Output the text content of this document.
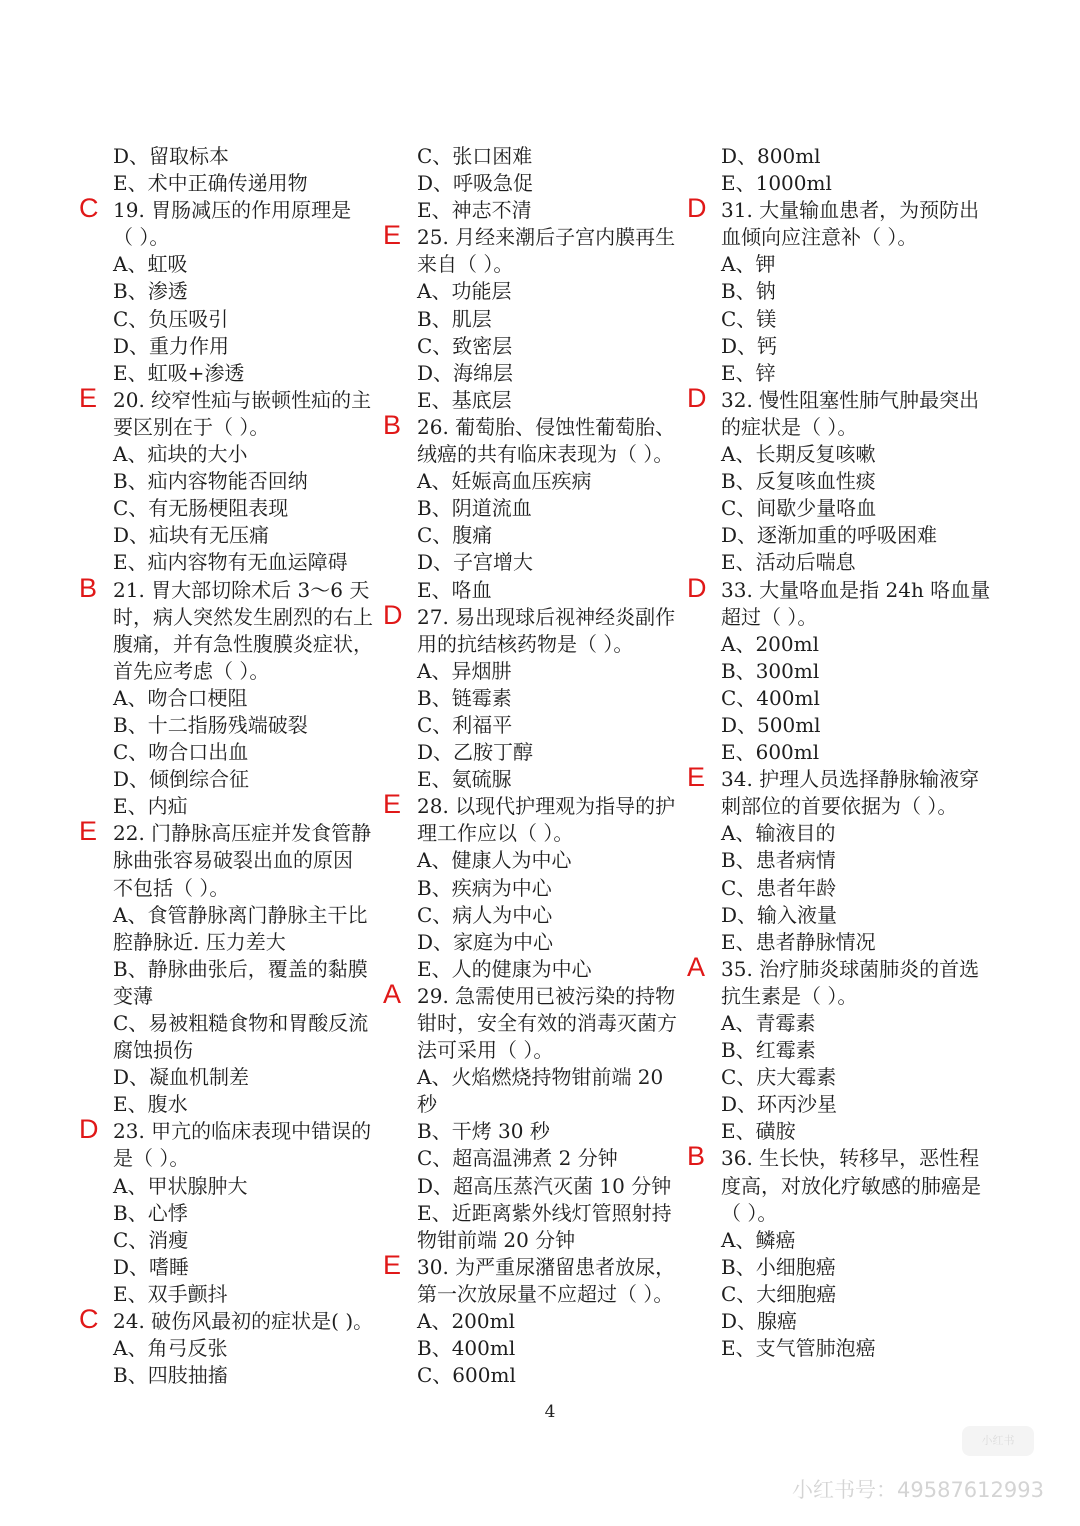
D、留取标本
E、术中正确传递用物
C 19. 胃肠减压的作用原理是
（ ）。
A、虹吸
B、渗透
C、负压吸引
D、重力作用
E、虹吸+渗透
E 20. 绞窄性疝与嵌顿性疝的主
要区别在于（ ）。
A、疝块的大小
B、疝内容物能否回纳
C、有无肠梗阻表现
D、疝块有无压痛
E、疝内容物有无血运障碍
B 21. 胃大部切除术后 3～6 天
时，病人突然发生剧烈的右上
腹痛，并有急性腹膜炎症状，
首先应考虑（ ）。
A、吻合口梗阻
B、十二指肠残端破裂
C、吻合口出血
D、倾倒综合征
E、内疝
E 22. 门静脉高压症并发食管静
脉曲张容易破裂出血的原因
不包括（ ）。
A、食管静脉离门静脉主干比
腔静脉近. 压力差大
B、静脉曲张后，覆盖的黏膜
变薄
C、易被粗糙食物和胃酸反流
腐蚀损伤
D、凝血机制差
E、腹水
D 23. 甲亢的临床表现中错误的
是（ ）。
A、甲状腺肿大
B、心悸
C、消瘦
D、嗜睡
E、双手颤抖
C 24. 破伤风最初的症状是( )。
A、角弓反张
B、四肢抽搐
C、张口困难
D、呼吸急促
E、神志不清
E 25. 月经来潮后子宫内膜再生
来自（ ）。
A、功能层
B、肌层
C、致密层
D、海绵层
E、基底层
B 26. 葡萄胎、侵蚀性葡萄胎、
绒癌的共有临床表现为（ ）。
A、妊娠高血压疾病
B、阴道流血
C、腹痛
D、子宫增大
E、咯血
D 27. 易出现球后视神经炎副作
用的抗结核药物是（ ）。
A、异烟肼
B、链霉素
C、利福平
D、乙胺丁醇
E、氨硫脲
E 28. 以现代护理观为指导的护
理工作应以（ ）。
A、健康人为中心
B、疾病为中心
C、病人为中心
D、家庭为中心
E、人的健康为中心
A 29. 急需使用已被污染的持物
钳时，安全有效的消毒灭菌方
法可采用（ ）。
A、火焰燃烧持物钳前端 20
秒
B、干烤 30 秒
C、超高温沸煮 2 分钟
D、超高压蒸汽灭菌 10 分钟
E、近距离紫外线灯管照射持
物钳前端 20 分钟
E 30. 为严重尿潴留患者放尿，
第一次放尿量不应超过（ ）。
A、200ml
B、400ml
C、600ml
D、800ml
E、1000ml
D 31. 大量输血患者，为预防出
血倾向应注意补（ ）。
A、钾
B、钠
C、镁
D、钙
E、锌
D 32. 慢性阻塞性肺气肿最突出
的症状是（ ）。
A、长期反复咳嗽
B、反复咳血性痰
C、间歇少量咯血
D、逐渐加重的呼吸困难
E、活动后喘息
D 33. 大量咯血是指 24h 咯血量
超过（ ）。
A、200ml
B、300ml
C、400ml
D、500ml
E、600ml
E 34. 护理人员选择静脉输液穿
刺部位的首要依据为（ ）。
A、输液目的
B、患者病情
C、患者年龄
D、输入液量
E、患者静脉情况
A 35. 治疗肺炎球菌肺炎的首选
抗生素是（ ）。
A、青霉素
B、红霉素
C、庆大霉素
D、环丙沙星
E、磺胺
B 36. 生长快，转移早，恶性程
度高，对放化疗敏感的肺癌是
（ ）。
A、鳞癌
B、小细胞癌
C、大细胞癌
D、腺癌
E、支气管肺泡癌
4
小红书
小红书号：49587612993
